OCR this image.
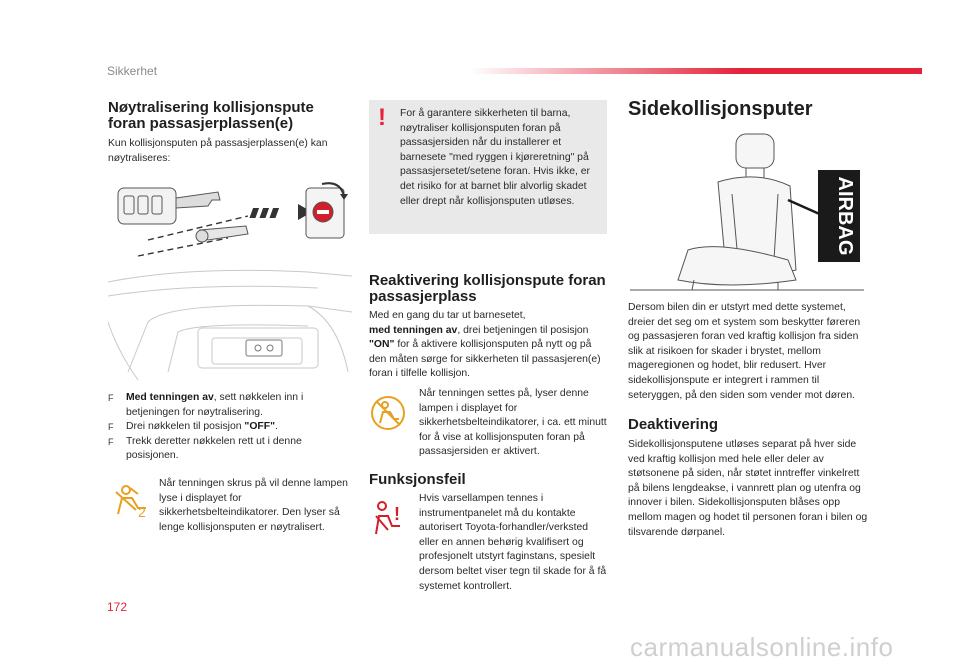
Sikkerhet
Nøytralisering kollisjonspute
foran passasjerplassen(e)

Kun kollisjonsputen på passasjerplassen(e) kan nøytraliseres:

F Med tenningen av, sett nøkkelen inn i betjeningen for nøytralisering.
F Drei nøkkelen til posisjon "OFF".
F Trekk deretter nøkkelen rett ut i denne posisjonen.
2

Når tenningen skrus på vil denne lampen lyse i displayet for sikkerhetsbelteindikatorer. Den lyser så lenge kollisjonsputen er nøytralisert.

! For å garantere sikkerheten til barna, nøytraliser kollisjonsputen foran på passasjersiden når du installerer et barnesete "med ryggen i kjøreretning" på passasjersetet/setene foran. Hvis ikke, er det risiko for at barnet blir alvorlig skadet eller drept når kollisjonsputen utløses.

Reaktivering kollisjonspute foran
passasjerplass

Med en gang du tar ut barnesetet,
med tenningen av, drei betjeningen til posisjon "ON" for å aktivere kollisjonsputen på nytt og på den måten sørge for sikkerheten til passasjeren(e) foran i tilfelle kollisjon.

Når tenningen settes på, lyser denne lampen i displayet for sikkerhetsbelteindikatorer, i ca. ett minutt for å vise at kollisjonsputen foran på passasjersiden er aktivert.

Funksjonsfeil
!

Hvis varsellampen tennes i instrumentpanelet må du kontakte autorisert Toyota-forhandler/verksted eller en annen behørig kvalifisert og profesjonelt utstyrt faginstans, spesielt dersom beltet viser tegn til skade for å få systemet kontrollert.

Sidekollisjonsputer
AIRBAG

Dersom bilen din er utstyrt med dette systemet, dreier det seg om et system som beskytter føreren og passasjeren foran ved kraftig kollisjon fra siden slik at risikoen for skader i brystet, mellom mageregionen og hodet, blir redusert. Hver sidekollisjonspute er integrert i rammen til seteryggen, på den siden som vender mot døren.

Deaktivering

Sidekollisjonsputene utløses separat på hver side ved kraftig kollisjon med hele eller deler av støtsonene på siden, når støtet inntreffer vinkelrett på bilens lengdeakse, i vannrett plan og utenfra og innover i bilen. Sidekollisjonsputen blåses opp mellom magen og hodet til personen foran i bilen og tilsvarende dørpanel.

172
carmanualsonline.info
